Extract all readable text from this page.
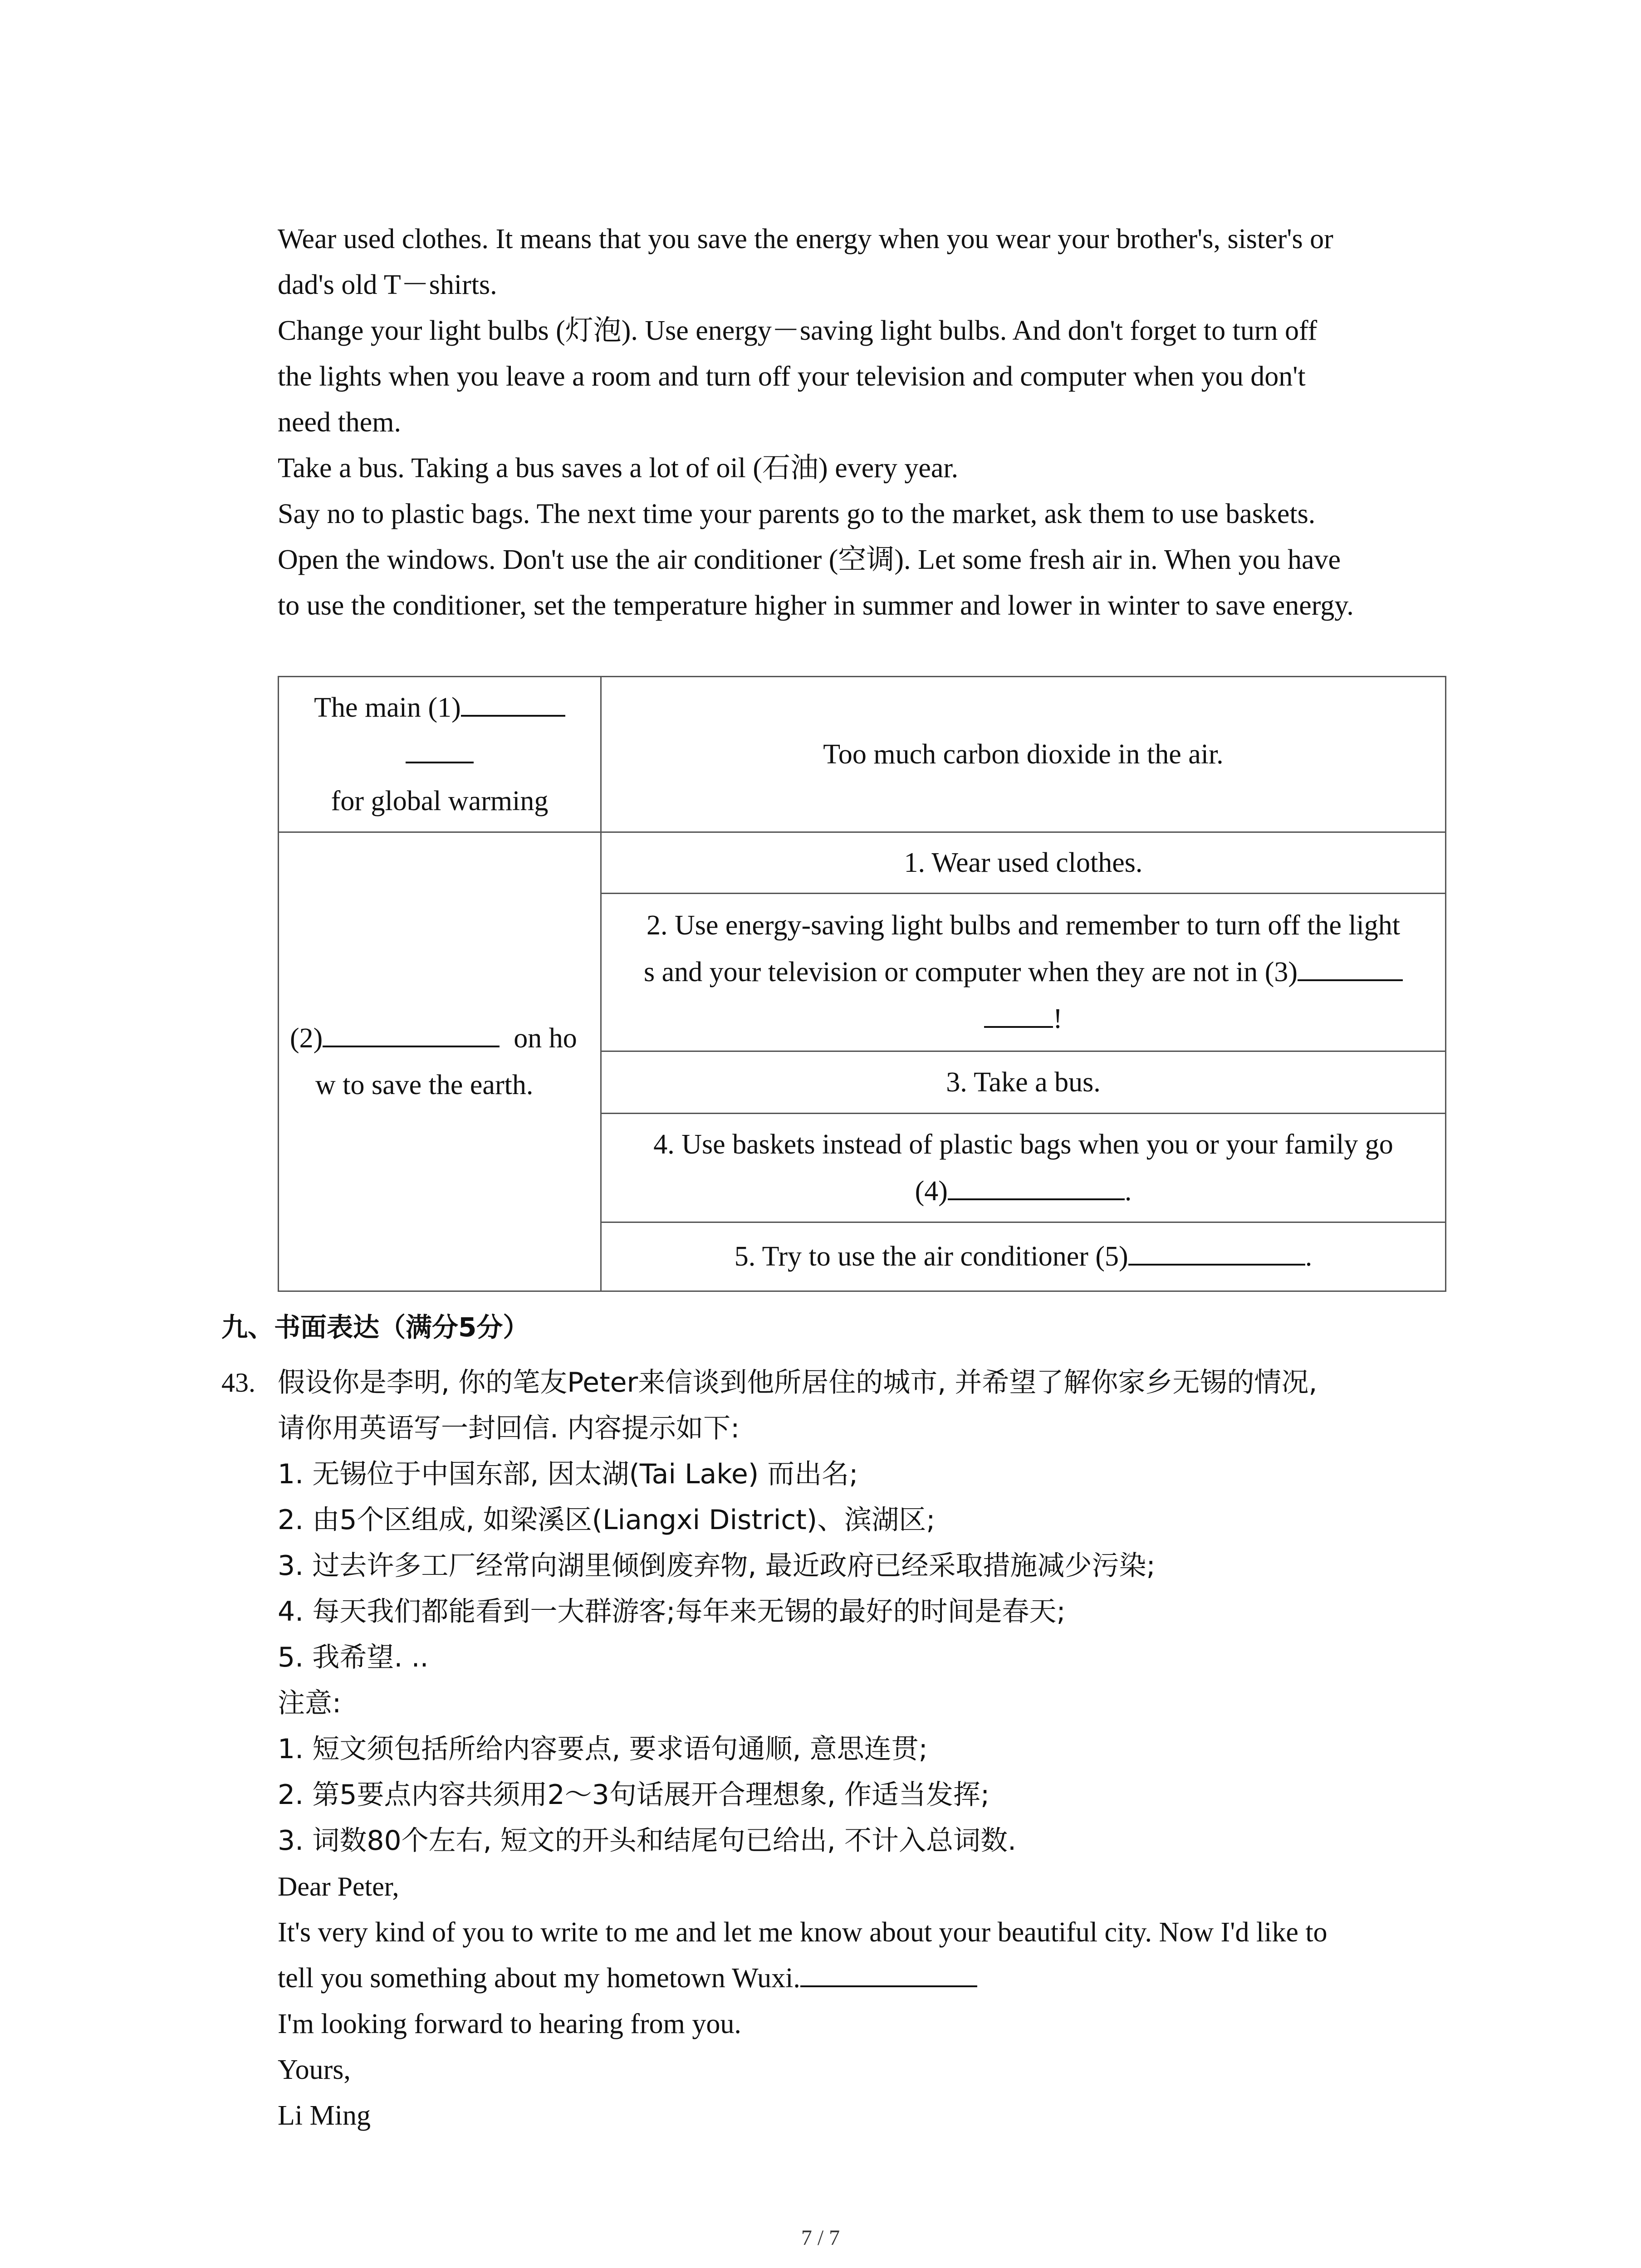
Wear used clothes. It means that you save the energy when you wear your brother's, sister's or
dad's old T－shirts.
Change your light bulbs (灯泡). Use energy－saving light bulbs. And don't forget to turn off
the lights when you leave a room and turn off your television and computer when you don't
need them.
Take a bus. Taking a bus saves a lot of oil (石油) every year.
Say no to plastic bags. The next time your parents go to the market, ask them to use baskets.
Open the windows. Don't use the air conditioner (空调). Let some fresh air in. When you have
to use the conditioner, set the temperature higher in summer and lower in winter to save energy.
The main (1)
for global warming	Too much carbon dioxide in the air.

(2) on ho
w to save the earth.	1. Wear used clothes.

	2. Use energy-saving light bulbs and remember to turn off the light
s and your television or computer when they are not in (3)
!

	3. Take a bus.

	4. Use baskets instead of plastic bags when you or your family go
(4) .

	5. Try to use the air conditioner (5) .
九、书面表达（满分5分）
43. 假设你是李明, 你的笔友Peter来信谈到他所居住的城市, 并希望了解你家乡无锡的情况,
请你用英语写一封回信. 内容提示如下:
1. 无锡位于中国东部, 因太湖(Tai Lake) 而出名;
2. 由5个区组成, 如梁溪区(Liangxi District)、滨湖区;
3. 过去许多工厂经常向湖里倾倒废弃物, 最近政府已经采取措施减少污染;
4. 每天我们都能看到一大群游客;每年来无锡的最好的时间是春天;
5. 我希望. ..
注意:
1. 短文须包括所给内容要点, 要求语句通顺, 意思连贯;
2. 第5要点内容共须用2～3句话展开合理想象, 作适当发挥;
3. 词数80个左右, 短文的开头和结尾句已给出, 不计入总词数.
Dear Peter,
It's very kind of you to write to me and let me know about your beautiful city. Now I'd like to
tell you something about my hometown Wuxi.
I'm looking forward to hearing from you.
Yours,
Li Ming
7 / 7
